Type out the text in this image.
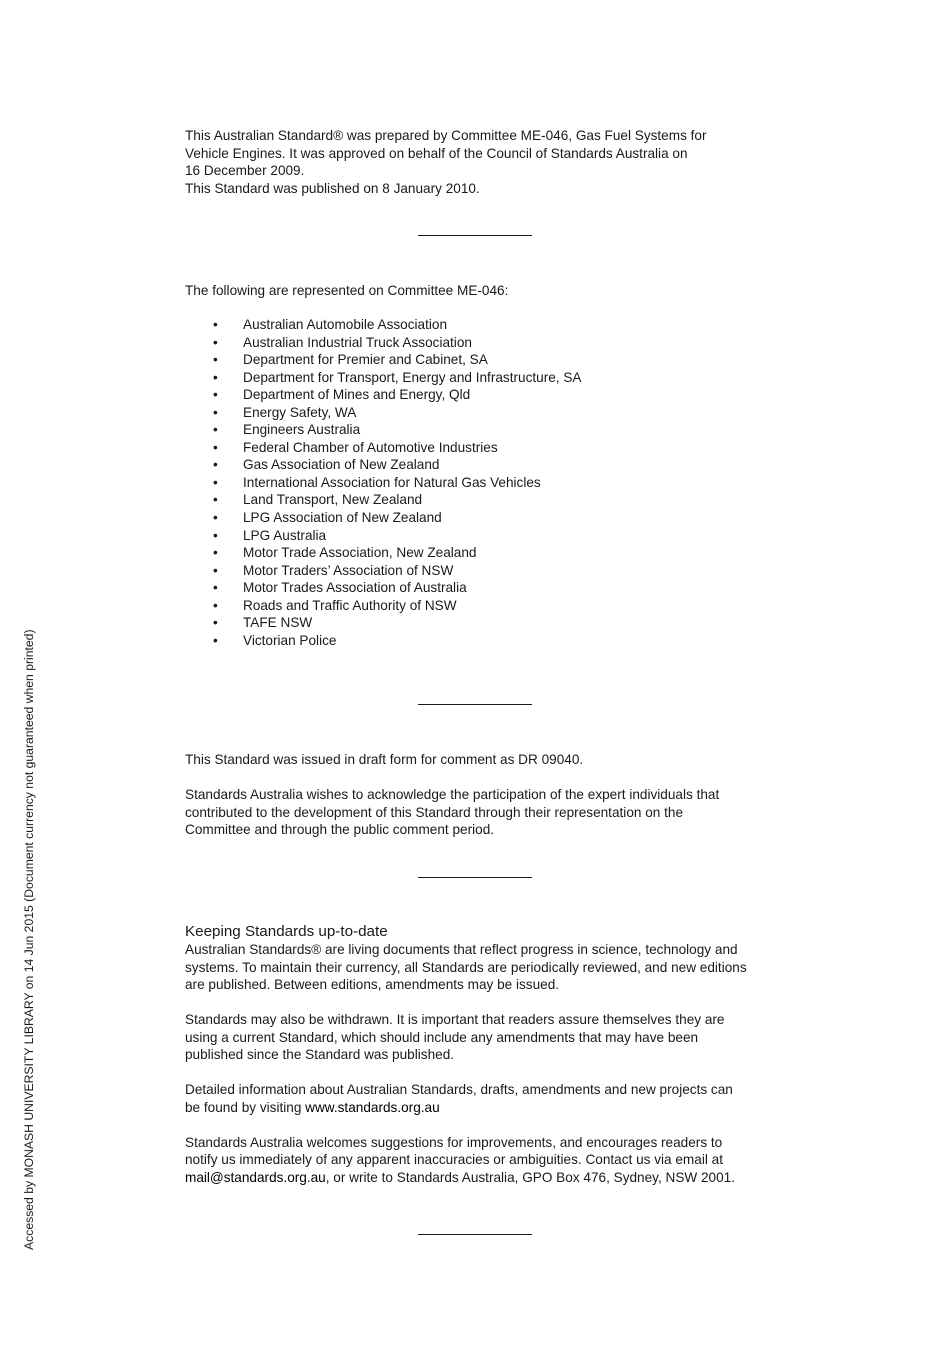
This Australian Standard® was prepared by Committee ME-046, Gas Fuel Systems for
Vehicle Engines. It was approved on behalf of the Council of Standards Australia on
16 December 2009.
This Standard was published on 8 January 2010.
The following are represented on Committee ME-046:
• Australian Automobile Association
• Australian Industrial Truck Association
• Department for Premier and Cabinet, SA
• Department for Transport, Energy and Infrastructure, SA
• Department of Mines and Energy, Qld
• Energy Safety, WA
• Engineers Australia
• Federal Chamber of Automotive Industries
• Gas Association of New Zealand
• International Association for Natural Gas Vehicles
• Land Transport, New Zealand
• LPG Association of New Zealand
• LPG Australia
• Motor Trade Association, New Zealand
• Motor Traders’ Association of NSW
• Motor Trades Association of Australia
• Roads and Traffic Authority of NSW
• TAFE NSW
• Victorian Police
This Standard was issued in draft form for comment as DR 09040.
Standards Australia wishes to acknowledge the participation of the expert individuals that
contributed to the development of this Standard through their representation on the
Committee and through the public comment period.
Keeping Standards up-to-date
Australian Standards® are living documents that reflect progress in science, technology and
systems. To maintain their currency, all Standards are periodically reviewed, and new editions
are published. Between editions, amendments may be issued.
Standards may also be withdrawn. It is important that readers assure themselves they are
using a current Standard, which should include any amendments that may have been
published since the Standard was published.
Detailed information about Australian Standards, drafts, amendments and new projects can
be found by visiting www.standards.org.au
Standards Australia welcomes suggestions for improvements, and encourages readers to
notify us immediately of any apparent inaccuracies or ambiguities. Contact us via email at
mail@standards.org.au, or write to Standards Australia, GPO Box 476, Sydney, NSW 2001.
Accessed by MONASH UNIVERSITY LIBRARY on 14 Jun 2015 (Document currency not guaranteed when printed)
